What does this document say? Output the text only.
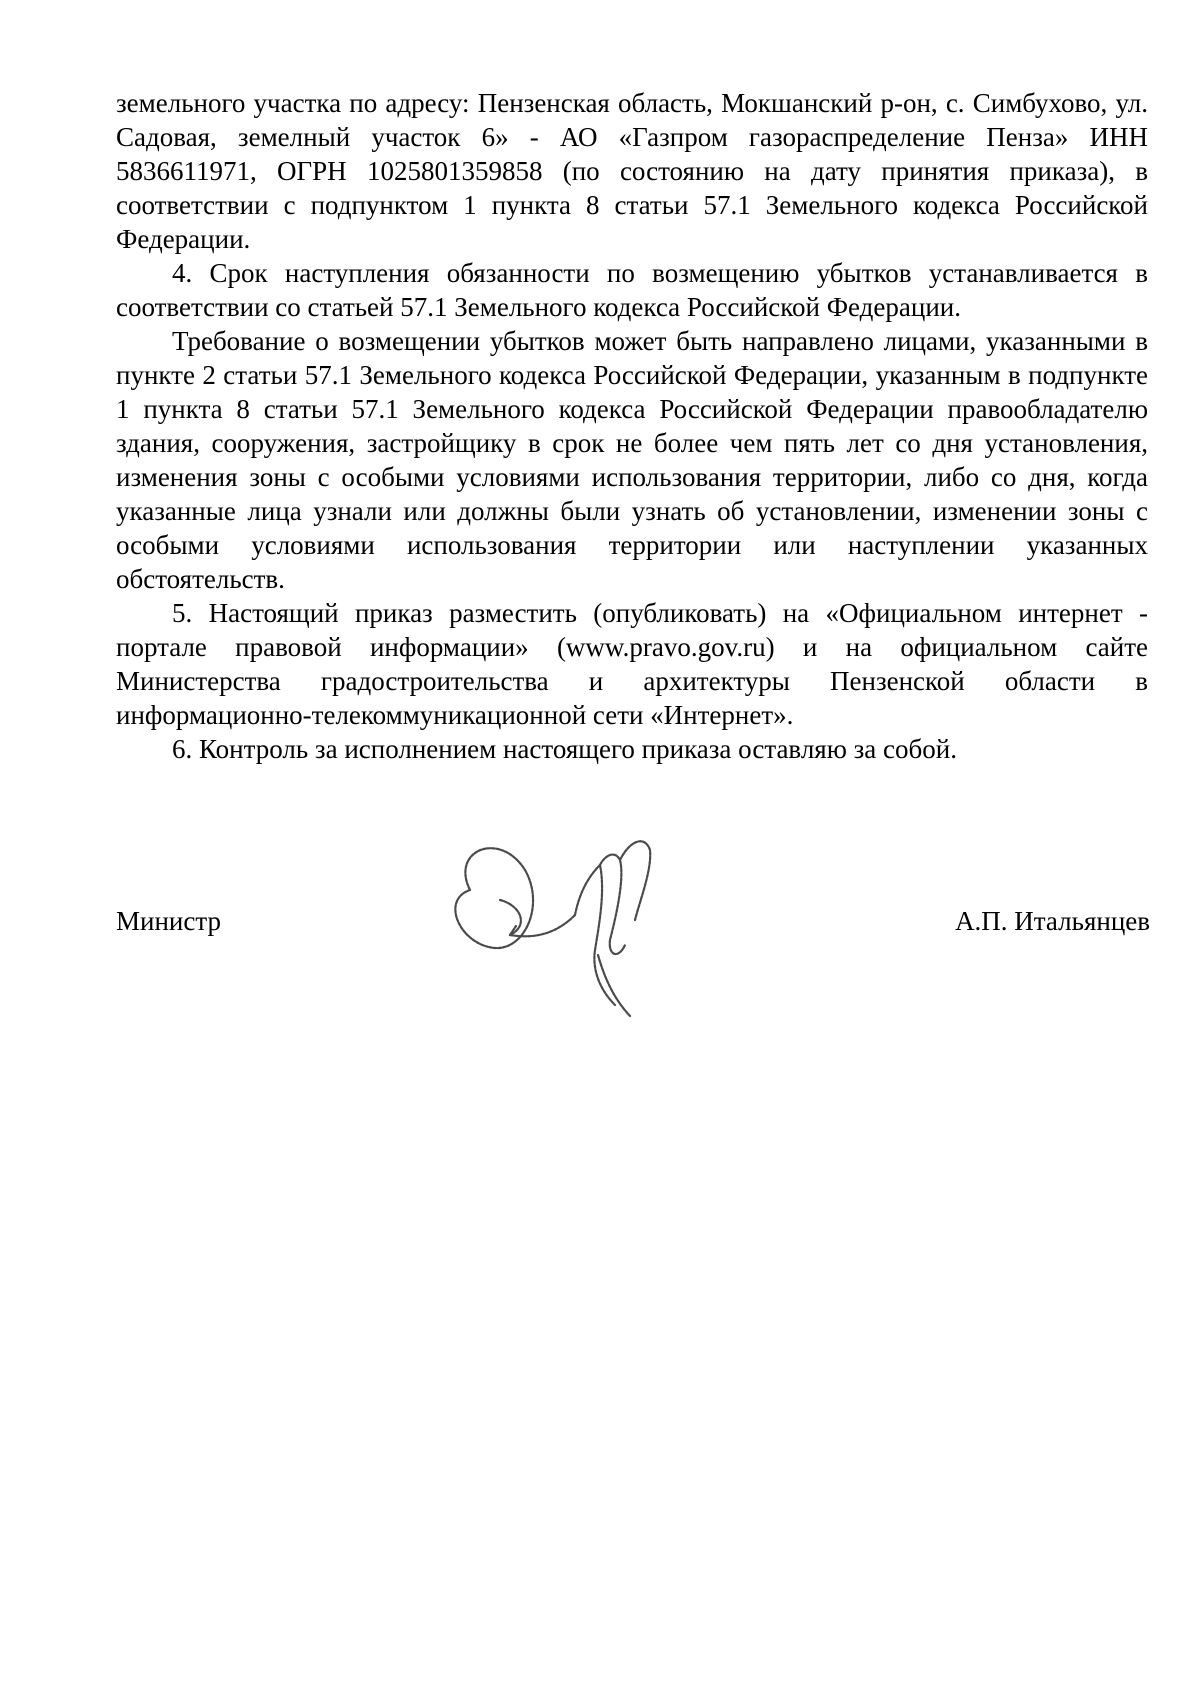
земельного участка по адресу: Пензенская область, Мокшанский р-он, с. Симбухово, ул. Садовая, земелный участок 6» - АО «Газпром газораспределение Пенза» ИНН 5836611971, ОГРН 1025801359858 (по состоянию на дату принятия приказа), в соответствии с подпунктом 1 пункта 8 статьи 57.1 Земельного кодекса Российской Федерации.

4. Срок наступления обязанности по возмещению убытков устанавливается в соответствии со статьей 57.1 Земельного кодекса Российской Федерации.

Требование о возмещении убытков может быть направлено лицами, указанными в пункте 2 статьи 57.1 Земельного кодекса Российской Федерации, указанным в подпункте 1 пункта 8 статьи 57.1 Земельного кодекса Российской Федерации правообладателю здания, сооружения, застройщику в срок не более чем пять лет со дня установления, изменения зоны с особыми условиями использования территории, либо со дня, когда указанные лица узнали или должны были узнать об установлении, изменении зоны с особыми условиями использования территории или наступлении указанных обстоятельств.

5. Настоящий приказ разместить (опубликовать) на «Официальном интернет - портале правовой информации» (www.pravo.gov.ru) и на официальном сайте Министерства градостроительства и архитектуры Пензенской области в информационно-телекоммуникационной сети «Интернет».

6. Контроль за исполнением настоящего приказа оставляю за собой.

Министр	А.П. Итальянцев
